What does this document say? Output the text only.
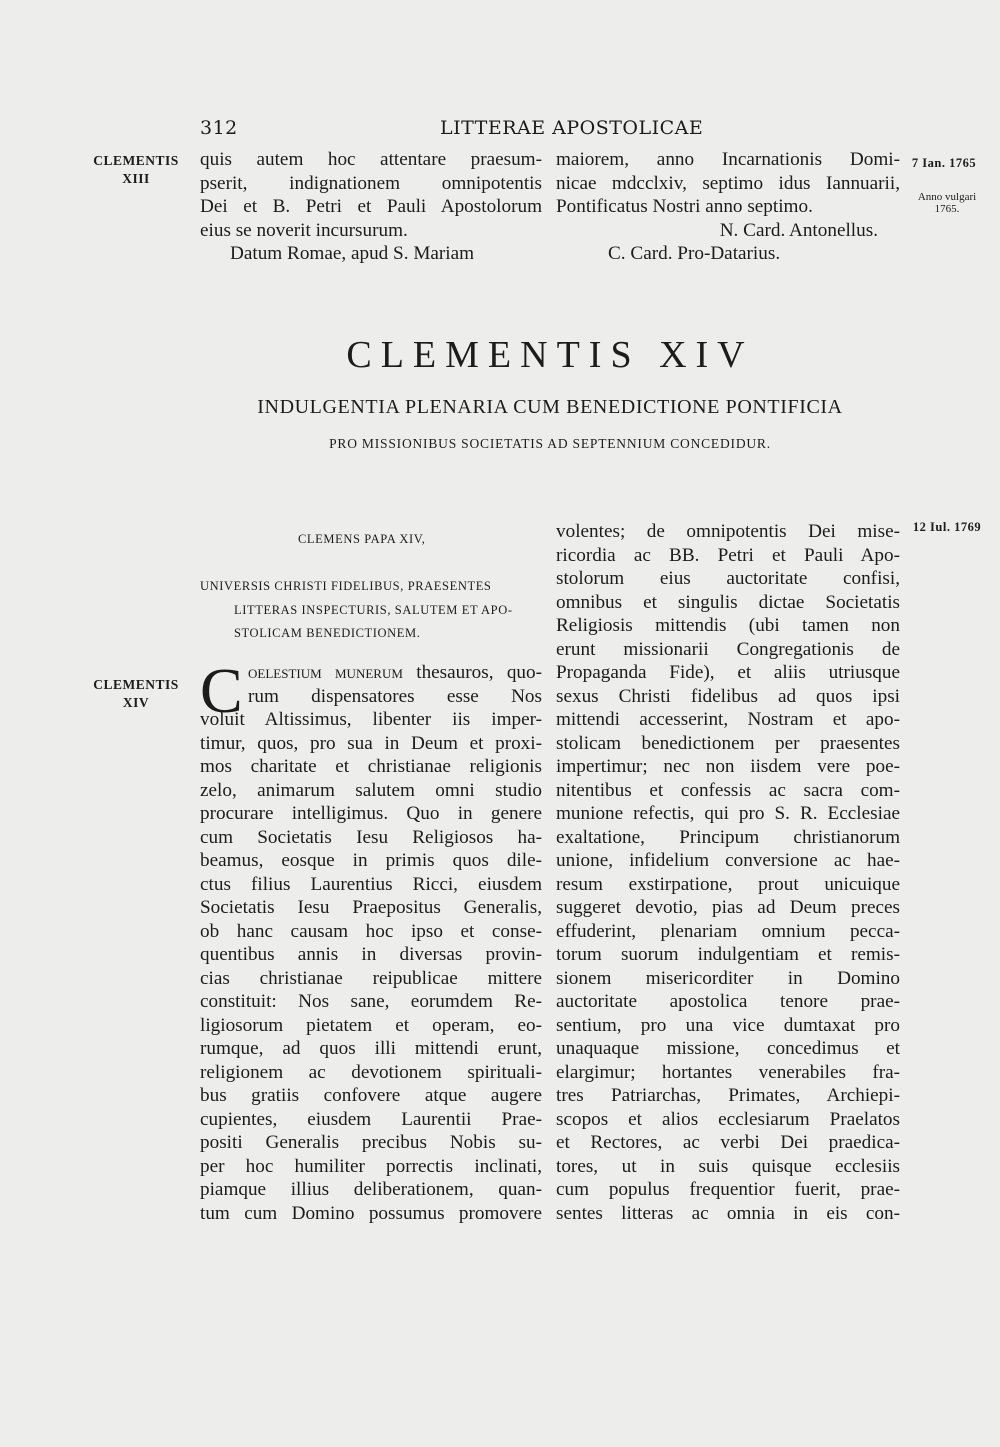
312	LITTERAE APOSTOLICAE
CLEMENTIS
XIII
CLEMENTIS
XIV
7 Ian. 1765
Anno vulgari
1765.
12 Iul. 1769
quis autem hoc attentare praesum-
pserit, indignationem omnipotentis
Dei et B. Petri et Pauli Apostolorum
eius se noverit incursurum.
Datum Romae, apud S. Mariam
maiorem, anno Incarnationis Domi-
nicae mdcclxiv, septimo idus Iannuarii,
Pontificatus Nostri anno septimo.
N. Card. Antonellus.
C. Card. Pro-Datarius.
CLEMENTIS XIV
INDULGENTIA PLENARIA CUM BENEDICTIONE PONTIFICIA
PRO MISSIONIBUS SOCIETATIS AD SEPTENNIUM CONCEDIDUR.
CLEMENS PAPA XIV,
UNIVERSIS CHRISTI FIDELIBUS, PRAESENTES
LITTERAS INSPECTURIS, SALUTEM ET APO-
STOLICAM BENEDICTIONEM.
C oelestium munerum thesauros, quo-
rum dispensatores esse Nos
voluit Altissimus, libenter iis imper-
timur, quos, pro sua in Deum et proxi-
mos charitate et christianae religionis
zelo, animarum salutem omni studio
procurare intelligimus. Quo in genere
cum Societatis Iesu Religiosos ha-
beamus, eosque in primis quos dile-
ctus filius Laurentius Ricci, eiusdem
Societatis Iesu Praepositus Generalis,
ob hanc causam hoc ipso et conse-
quentibus annis in diversas provin-
cias christianae reipublicae mittere
constituit: Nos sane, eorumdem Re-
ligiosorum pietatem et operam, eo-
rumque, ad quos illi mittendi erunt,
religionem ac devotionem spirituali-
bus gratiis confovere atque augere
cupientes, eiusdem Laurentii Prae-
positi Generalis precibus Nobis su-
per hoc humiliter porrectis inclinati,
piamque illius deliberationem, quan-
tum cum Domino possumus promovere
volentes; de omnipotentis Dei mise-
ricordia ac BB. Petri et Pauli Apo-
stolorum eius auctoritate confisi,
omnibus et singulis dictae Societatis
Religiosis mittendis (ubi tamen non
erunt missionarii Congregationis de
Propaganda Fide), et aliis utriusque
sexus Christi fidelibus ad quos ipsi
mittendi accesserint, Nostram et apo-
stolicam benedictionem per praesentes
impertimur; nec non iisdem vere poe-
nitentibus et confessis ac sacra com-
munione refectis, qui pro S. R. Ecclesiae
exaltatione, Principum christianorum
unione, infidelium conversione ac hae-
resum exstirpatione, prout unicuique
suggeret devotio, pias ad Deum preces
effuderint, plenariam omnium pecca-
torum suorum indulgentiam et remis-
sionem misericorditer in Domino
auctoritate apostolica tenore prae-
sentium, pro una vice dumtaxat pro
unaquaque missione, concedimus et
elargimur; hortantes venerabiles fra-
tres Patriarchas, Primates, Archiepi-
scopos et alios ecclesiarum Praelatos
et Rectores, ac verbi Dei praedica-
tores, ut in suis quisque ecclesiis
cum populus frequentior fuerit, prae-
sentes litteras ac omnia in eis con-
